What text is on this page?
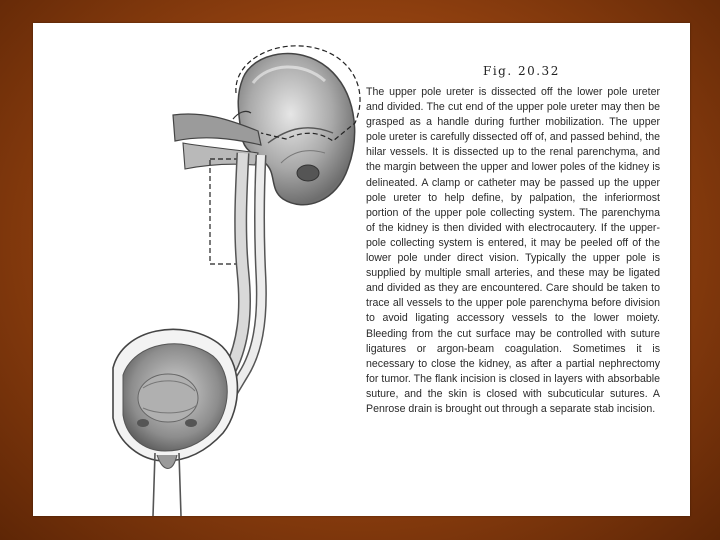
Fig. 20.32

The upper pole ureter is dissected off the lower pole ureter and divided. The cut end of the upper pole ureter may then be grasped as a handle during further mobilization. The upper pole ureter is carefully dissected off of, and passed behind, the hilar vessels. It is dissected up to the renal parenchyma, and the margin between the upper and lower poles of the kidney is delineated. A clamp or catheter may be passed up the upper pole ureter to help define, by palpation, the inferiormost portion of the upper pole collecting system. The parenchyma of the kidney is then divided with electrocautery. If the upper-pole collecting system is entered, it may be peeled off of the lower pole under direct vision. Typically the upper pole is supplied by multiple small arteries, and these may be ligated and divided as they are encountered. Care should be taken to trace all vessels to the upper pole parenchyma before division to avoid ligating accessory vessels to the lower moiety. Bleeding from the cut surface may be controlled with suture ligatures or argon-beam coagulation. Sometimes it is necessary to close the kidney, as after a partial nephrectomy for tumor. The flank incision is closed in layers with absorbable suture, and the skin is closed with subcuticular sutures. A Penrose drain is brought out through a separate stab incision.
